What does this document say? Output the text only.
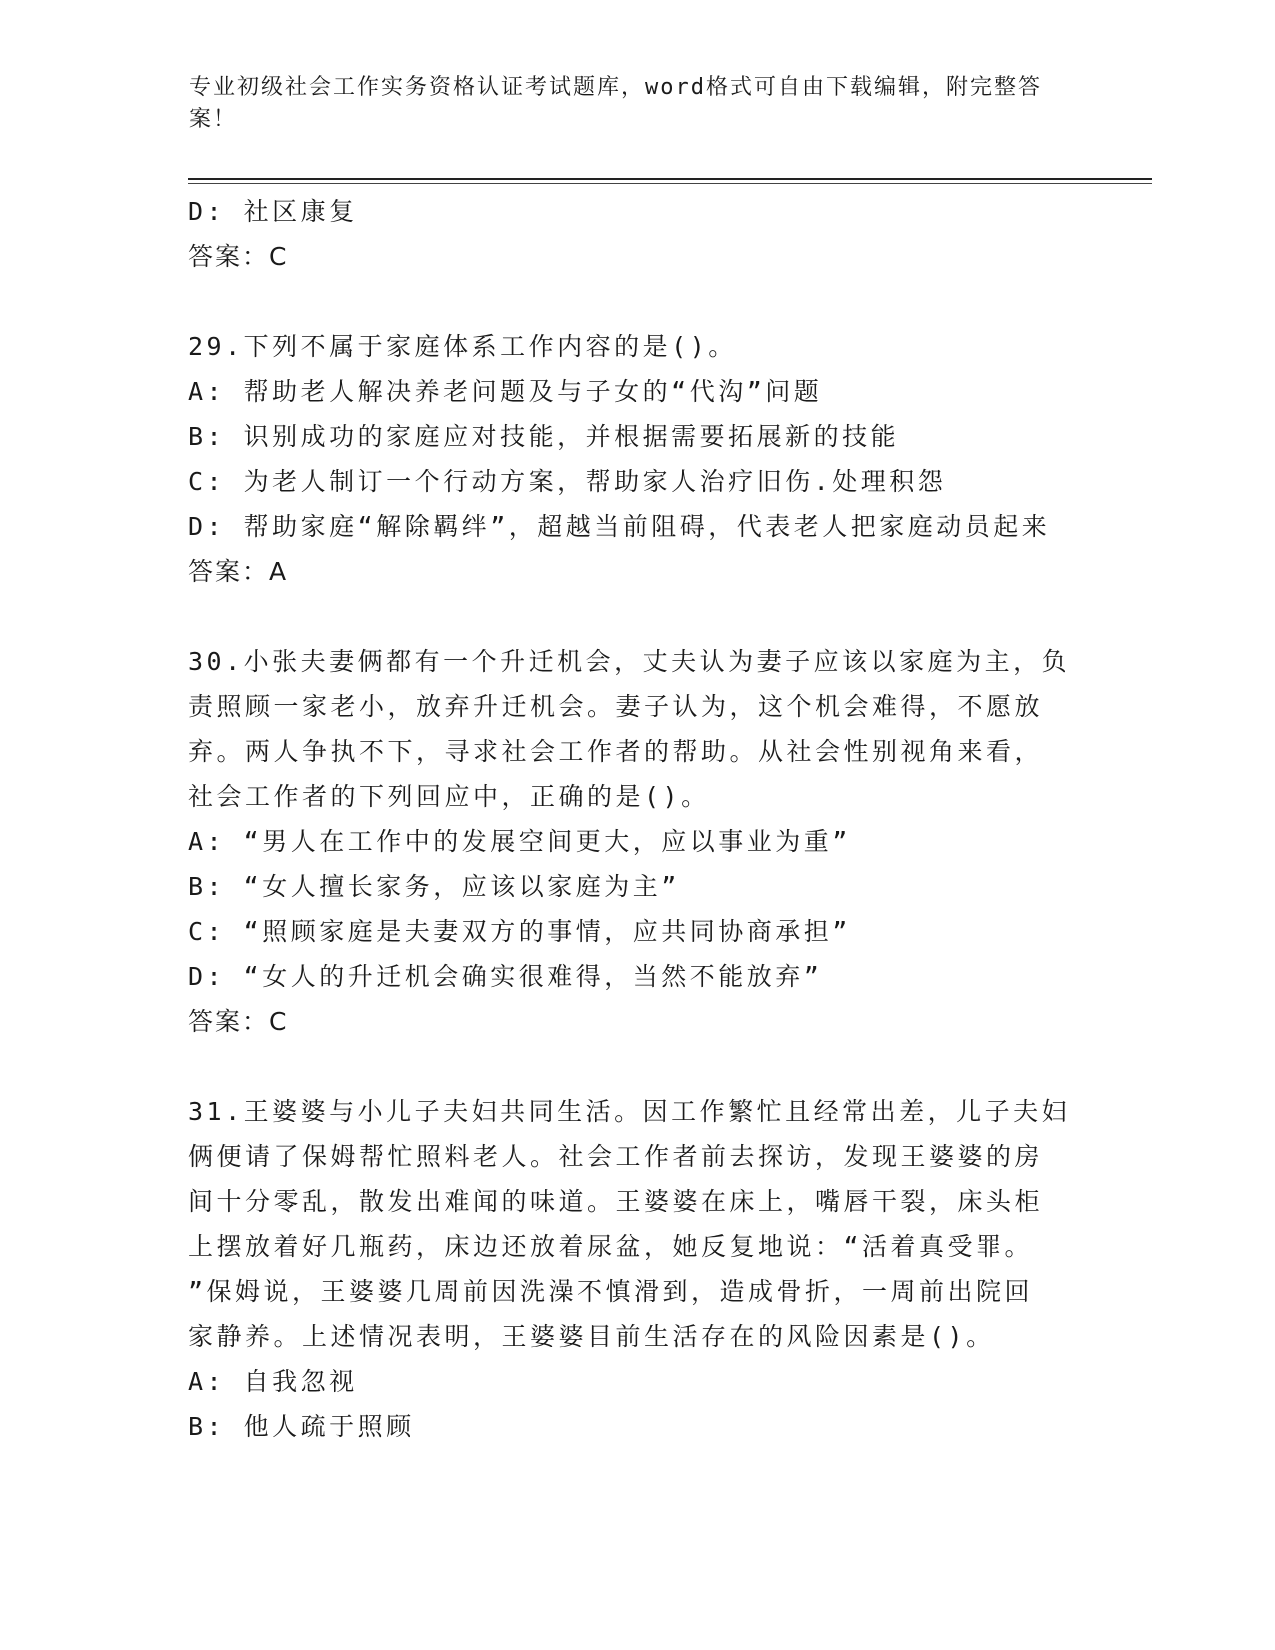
专业初级社会工作实务资格认证考试题库，word格式可自由下载编辑，附完整答案！
D: 社区康复
答案：C
29.下列不属于家庭体系工作内容的是()。
A: 帮助老人解决养老问题及与子女的“代沟”问题
B: 识别成功的家庭应对技能，并根据需要拓展新的技能
C: 为老人制订一个行动方案，帮助家人治疗旧伤.处理积怨
D: 帮助家庭“解除羁绊”，超越当前阻碍，代表老人把家庭动员起来
答案：A
30.小张夫妻俩都有一个升迁机会，丈夫认为妻子应该以家庭为主，负
责照顾一家老小，放弃升迁机会。妻子认为，这个机会难得，不愿放
弃。两人争执不下，寻求社会工作者的帮助。从社会性别视角来看，
社会工作者的下列回应中，正确的是()。
A: “男人在工作中的发展空间更大，应以事业为重”
B: “女人擅长家务，应该以家庭为主”
C: “照顾家庭是夫妻双方的事情，应共同协商承担”
D: “女人的升迁机会确实很难得，当然不能放弃”
答案：C
31.王婆婆与小儿子夫妇共同生活。因工作繁忙且经常出差，儿子夫妇
俩便请了保姆帮忙照料老人。社会工作者前去探访，发现王婆婆的房
间十分零乱，散发出难闻的味道。王婆婆在床上，嘴唇干裂，床头柜
上摆放着好几瓶药，床边还放着尿盆，她反复地说：“活着真受罪。
”保姆说，王婆婆几周前因洗澡不慎滑到，造成骨折，一周前出院回
家静养。上述情况表明，王婆婆目前生活存在的风险因素是()。
A: 自我忽视
B: 他人疏于照顾
